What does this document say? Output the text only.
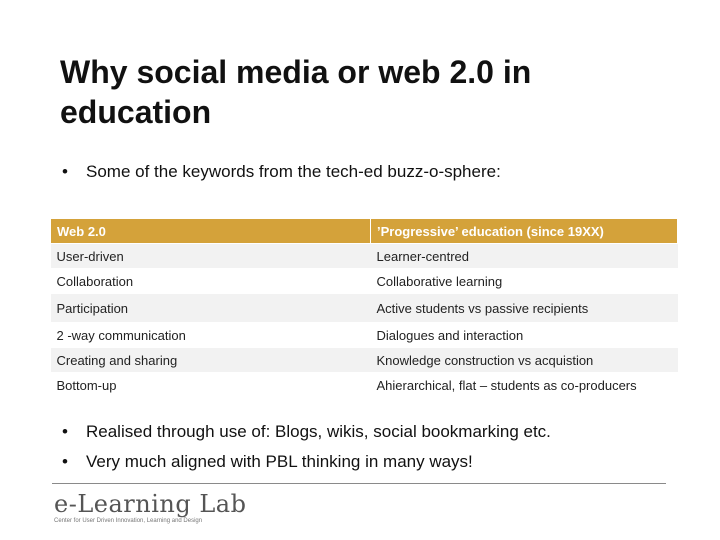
Why social media or web 2.0 in education
•	Some of the keywords from the tech-ed buzz-o-sphere:
Web 2.0	’Progressive’ education (since 19XX)
User-driven	Learner-centred
Collaboration	Collaborative learning
Participation	Active students vs passive recipients
2 -way communication	Dialogues and interaction
Creating and sharing	Knowledge construction vs acquistion
Bottom-up	Ahierarchical, flat – students as co-producers
•	Realised through use of: Blogs, wikis, social bookmarking etc.
•	Very much aligned with PBL thinking in many ways!
e-Learning Lab
Center for User Driven Innovation, Learning and Design
